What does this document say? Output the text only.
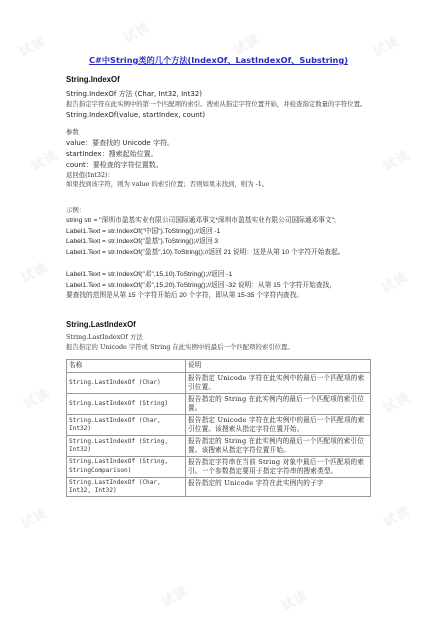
试读
试读	试读	试读
试读	试读
试读	试读
试读	试读
试读	试读
试读	试读
C#中String类的几个方法(IndexOf、LastIndexOf、Substring)
String.IndexOf
String.IndexOf 方法 (Char, Int32, Int32)
报告指定字符在此实例中的第一个匹配项的索引。搜索从指定字符位置开始，并检查指定数量的字符位置。
String.IndexOf(value, startIndex, count)
参数
value：要查找的 Unicode 字符。
startIndex：搜索起始位置。
count：要检查的字符位置数。
返回值(Int32)：
如果找到该字符，则为 value 的索引位置；否则如果未找到，则为 -1。
示例：
string str = "深圳市盈基实业有限公司国际通邓事文*深圳市盈基实业有限公司国际通邓事文";
Label1.Text = str.IndexOf("中国").ToString();//返回 -1
Label1.Text = str.IndexOf("盈基").ToString();//返回 3
Label1.Text = str.IndexOf("盈基",10).ToString();//返回 21 说明：这是从第 10 个字符开始查起。
Label1.Text = str.IndexOf("邓",15,10).ToString();//返回 -1
Label1.Text = str.IndexOf("邓",15,20).ToString();//返回 -32 说明：从第 15 个字符开始查找，
要查找的范围是从第 15 个字符开始后 20 个字符，即从第 15-35 个字符内查找。
String.LastIndexOf
String.LastIndexOf 方法
报告指定的 Unicode 字符或 String 在此实例中的最后一个匹配项的索引位置。
名称	说明
String.LastIndexOf (Char)	报告指定 Unicode 字符在此实例中的最后一个匹配项的索引位置。
String.LastIndexOf (String)	报告指定的 String 在此实例内的最后一个匹配项的索引位置。
String.LastIndexOf (Char, Int32)	报告指定 Unicode 字符在此实例中的最后一个匹配项的索引位置。该搜索从指定字符位置开始。
String.LastIndexOf (String, Int32)	报告指定的 String 在此实例内的最后一个匹配项的索引位置。该搜索从指定字符位置开始。
String.LastIndexOf (String, StringComparison)	报告指定字符串在当前 String 对象中最后一个匹配项的索引。一个参数指定要用于指定字符串的搜索类型。
String.LastIndexOf (Char, Int32, Int32)	报告指定的 Unicode 字符在此实例内的子字
